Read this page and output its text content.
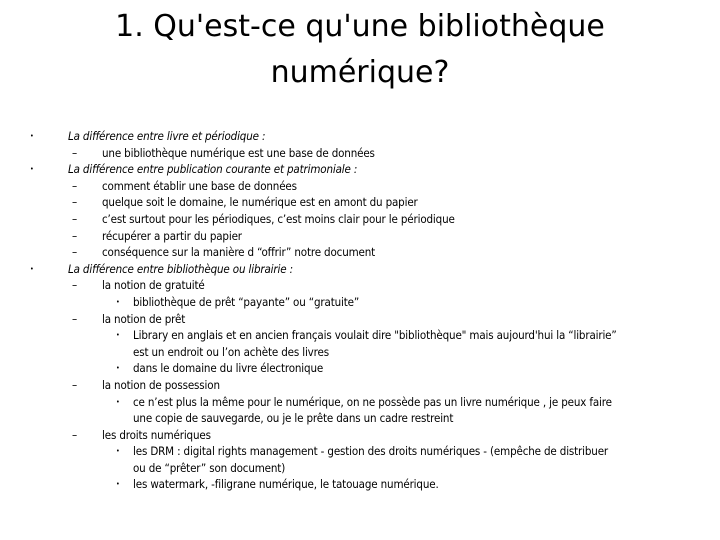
1. Qu'est-ce qu'une bibliothèque
numérique?
•	La différence entre livre et périodique :
– une bibliothèque numérique est une base de données
•	La différence entre publication courante et patrimoniale :
– comment établir une base de données
– quelque soit le domaine, le numérique est en amont du papier
– c’est surtout pour les périodiques, c’est moins clair pour le périodique
– récupérer a partir du papier
– conséquence sur la manière d “offrir” notre document
•	La différence entre bibliothèque ou librairie :
– la notion de gratuité
• bibliothèque de prêt “payante” ou “gratuite”
– la notion de prêt
• Library en anglais et en ancien français voulait dire "bibliothèque" mais aujourd'hui la “librairie”
est un endroit ou l’on achète des livres
• dans le domaine du livre électronique
– la notion de possession
• ce n’est plus la même pour le numérique, on ne possède pas un livre numérique , je peux faire
une copie de sauvegarde, ou je le prête dans un cadre restreint
– les droits numériques
• les DRM : digital rights management - gestion des droits numériques - (empêche de distribuer
ou de “prêter” son document)
• les watermark, -filigrane numérique, le tatouage numérique.
